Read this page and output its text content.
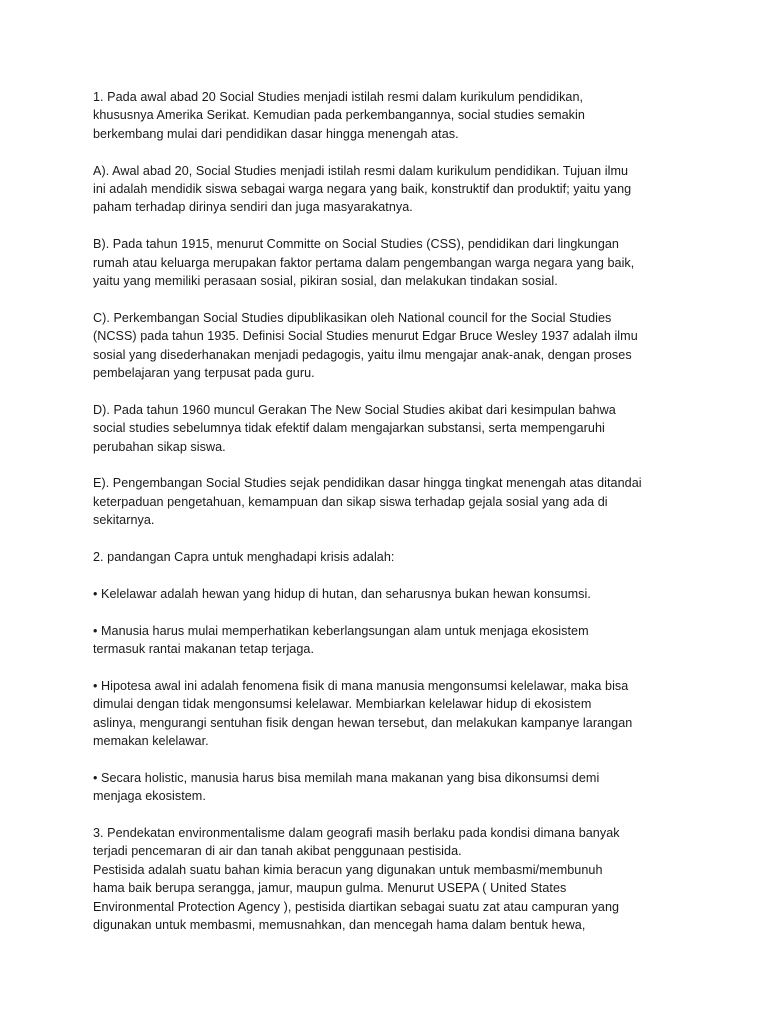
1. Pada awal abad 20 Social Studies menjadi istilah resmi dalam kurikulum pendidikan,
khususnya Amerika Serikat. Kemudian pada perkembangannya, social studies semakin
berkembang mulai dari pendidikan dasar hingga menengah atas.
A). Awal abad 20, Social Studies menjadi istilah resmi dalam kurikulum pendidikan. Tujuan ilmu
ini adalah mendidik siswa sebagai warga negara yang baik, konstruktif dan produktif; yaitu yang
paham terhadap dirinya sendiri dan juga masyarakatnya.
B). Pada tahun 1915, menurut Committe on Social Studies (CSS), pendidikan dari lingkungan
rumah atau keluarga merupakan faktor pertama dalam pengembangan warga negara yang baik,
yaitu yang memiliki perasaan sosial, pikiran sosial, dan melakukan tindakan sosial.
C). Perkembangan Social Studies dipublikasikan oleh National council for the Social Studies
(NCSS) pada tahun 1935. Definisi Social Studies menurut Edgar Bruce Wesley 1937 adalah ilmu
sosial yang disederhanakan menjadi pedagogis, yaitu ilmu mengajar anak-anak, dengan proses
pembelajaran yang terpusat pada guru.
D). Pada tahun 1960 muncul Gerakan The New Social Studies akibat dari kesimpulan bahwa
social studies sebelumnya tidak efektif dalam mengajarkan substansi, serta mempengaruhi
perubahan sikap siswa.
E). Pengembangan Social Studies sejak pendidikan dasar hingga tingkat menengah atas ditandai
keterpaduan pengetahuan, kemampuan dan sikap siswa terhadap gejala sosial yang ada di
sekitarnya.
2. pandangan Capra untuk menghadapi krisis adalah:
• Kelelawar adalah hewan yang hidup di hutan, dan seharusnya bukan hewan konsumsi.
• Manusia harus mulai memperhatikan keberlangsungan alam untuk menjaga ekosistem
termasuk rantai makanan tetap terjaga.
• Hipotesa awal ini adalah fenomena fisik di mana manusia mengonsumsi kelelawar, maka bisa
dimulai dengan tidak mengonsumsi kelelawar. Membiarkan kelelawar hidup di ekosistem
aslinya, mengurangi sentuhan fisik dengan hewan tersebut, dan melakukan kampanye larangan
memakan kelelawar.
• Secara holistic, manusia harus bisa memilah mana makanan yang bisa dikonsumsi demi
menjaga ekosistem.
3. Pendekatan environmentalisme dalam geografi masih berlaku pada kondisi dimana banyak
terjadi pencemaran di air dan tanah akibat penggunaan pestisida.
Pestisida adalah suatu bahan kimia beracun yang digunakan untuk membasmi/membunuh
hama baik berupa serangga, jamur, maupun gulma. Menurut USEPA ( United States
Environmental Protection Agency ), pestisida diartikan sebagai suatu zat atau campuran yang
digunakan untuk membasmi, memusnahkan, dan mencegah hama dalam bentuk hewa,
